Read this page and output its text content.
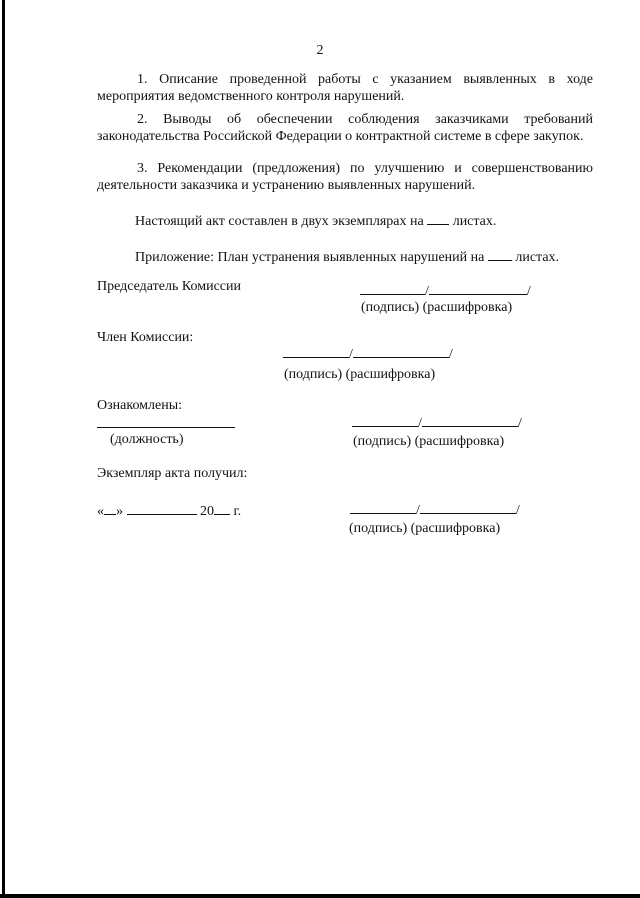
2
1. Описание проведенной работы с указанием выявленных в ходе мероприятия ведомственного контроля нарушений.
2. Выводы об обеспечении соблюдения заказчиками требований законодательства Российской Федерации о контрактной системе в сфере закупок.
3. Рекомендации (предложения) по улучшению и совершенствованию деятельности заказчика и устранению выявленных нарушений.
Настоящий акт составлен в двух экземплярах на листах.
Приложение: План устранения выявленных нарушений на листах.
Председатель Комиссии	/	/
(подпись) (расшифровка)
Член Комиссии:
/	/
(подпись) (расшифровка)
Ознакомлены:
(должность)
/	/
(подпись) (расшифровка)
Экземпляр акта получил:
« »	20 г.	/	/
(подпись) (расшифровка)
